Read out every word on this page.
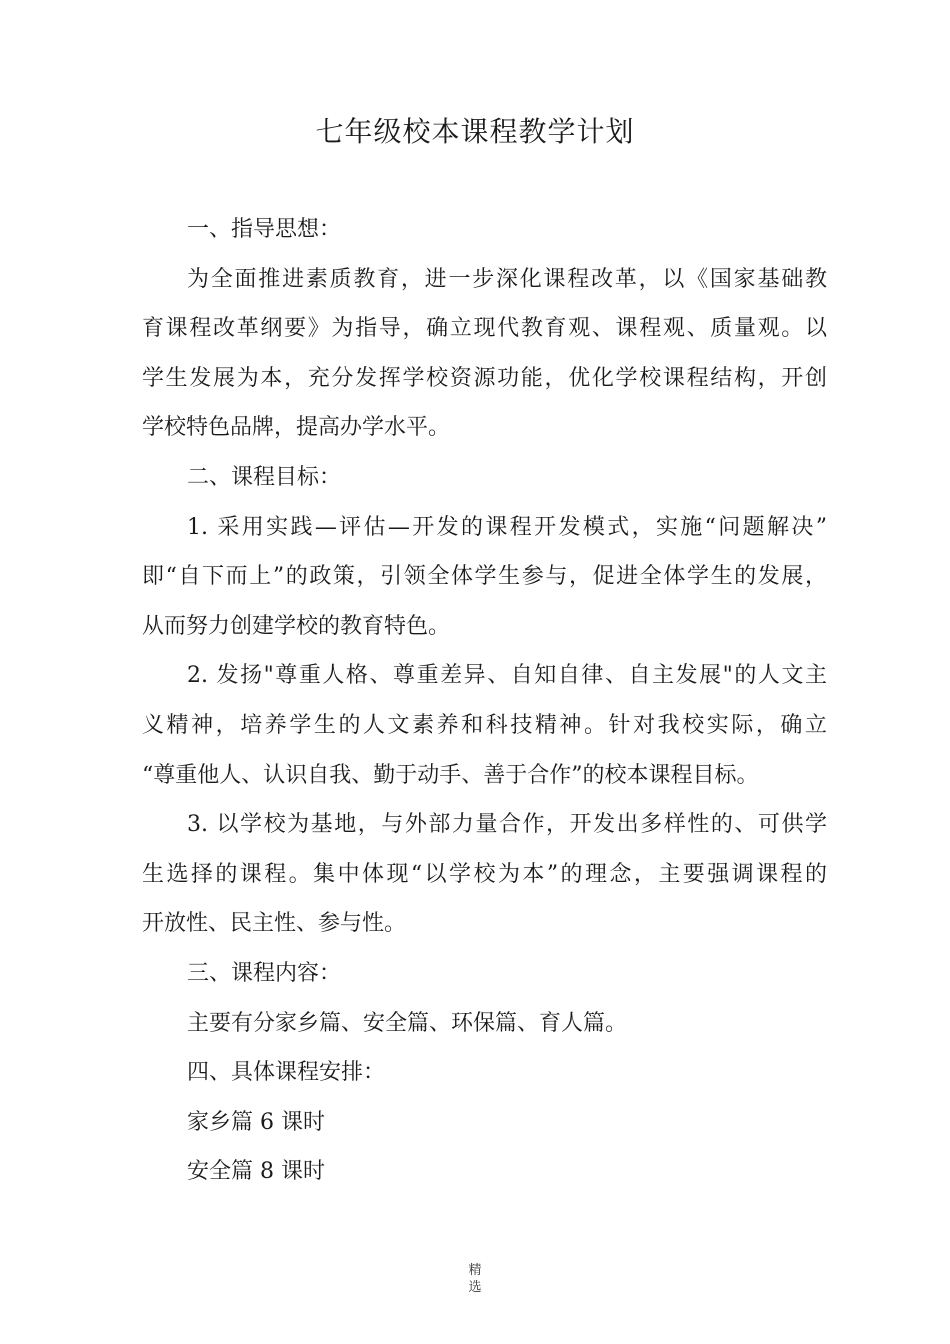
七年级校本课程教学计划
一、指导思想：
为全面推进素质教育，进一步深化课程改革，以《国家基础教
育课程改革纲要》为指导，确立现代教育观、课程观、质量观。以
学生发展为本，充分发挥学校资源功能，优化学校课程结构，开创
学校特色品牌，提高办学水平。
二、课程目标：
1. 采用实践—评估—开发的课程开发模式，实施“问题解决”
即“自下而上”的政策，引领全体学生参与，促进全体学生的发展，
从而努力创建学校的教育特色。
2. 发扬"尊重人格、尊重差异、自知自律、自主发展"的人文主
义精神，培养学生的人文素养和科技精神。针对我校实际，确立
“尊重他人、认识自我、勤于动手、善于合作”的校本课程目标。
3. 以学校为基地，与外部力量合作，开发出多样性的、可供学
生选择的课程。集中体现“以学校为本”的理念，主要强调课程的
开放性、民主性、参与性。
三、课程内容：
主要有分家乡篇、安全篇、环保篇、育人篇。
四、具体课程安排：
家乡篇 6 课时
安全篇 8 课时
精
选
